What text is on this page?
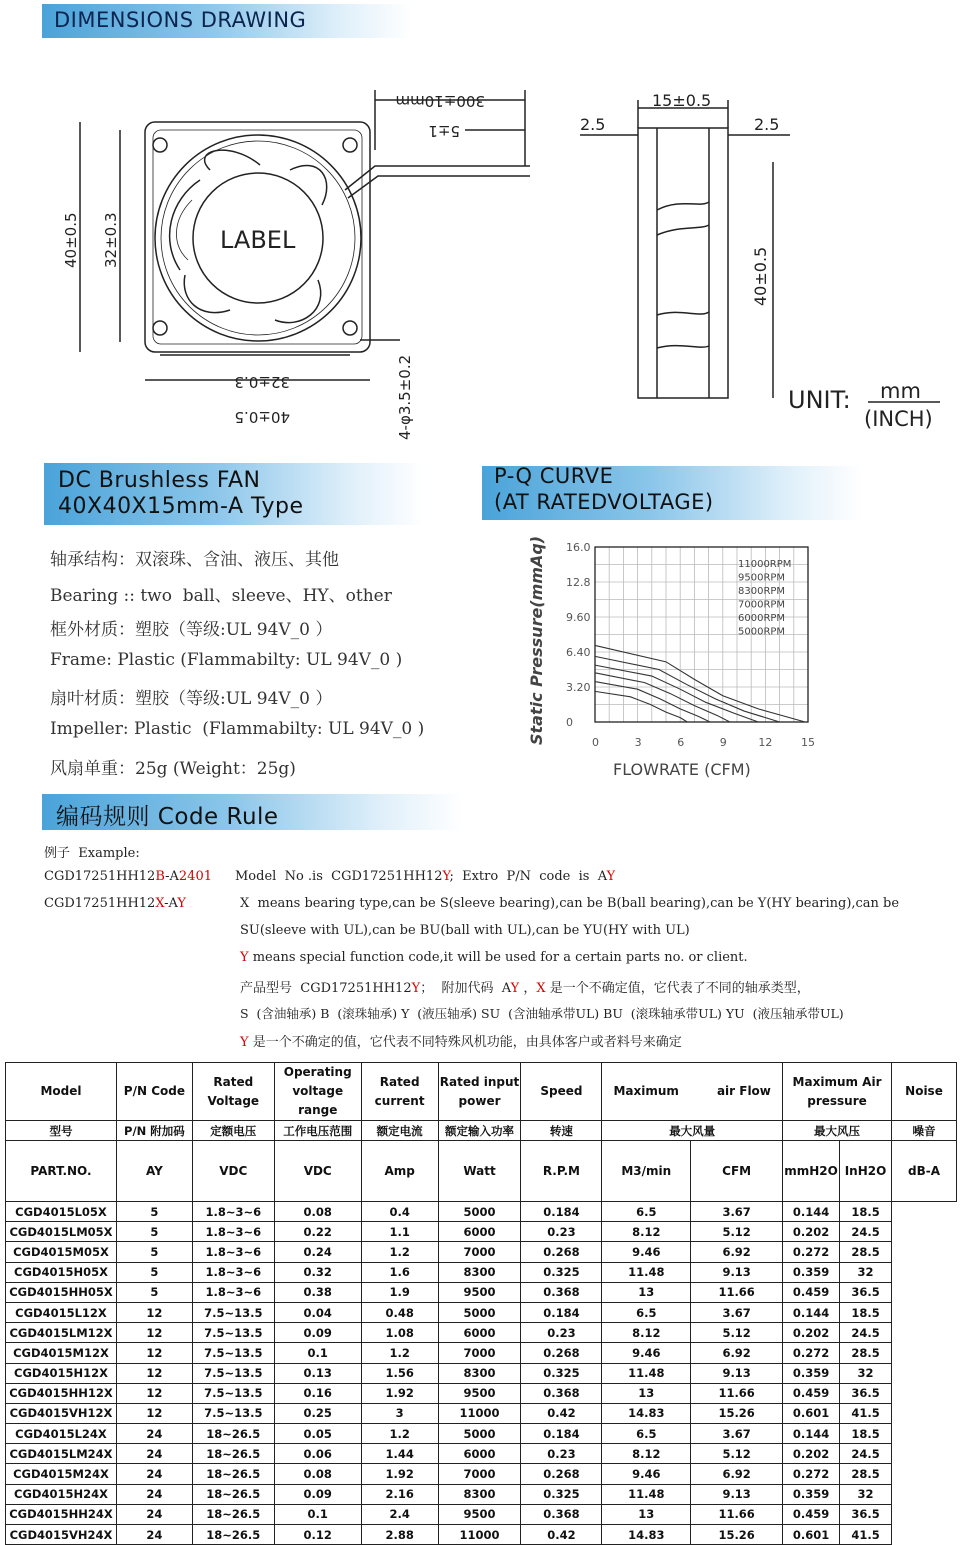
DIMENSIONS DRAWING
LABEL
40±0.5 32±0.3
32±0.3
40±0.5
300±10mm
5±1
4-φ3.5±0.2
15±0.5
2.5	2.5
40±0.5
UNIT: mm
(INCH)
DC Brushless FAN
40X40X15mm-A Type
P-Q CURVE
(AT RATEDVOLTAGE)
轴承结构：双滚珠、含油、液压、其他
Bearing :: two  ball、sleeve、HY、other
框外材质：塑胶（等级:UL 94V_0 ）
Frame: Plastic (Flammabilty: UL 94V_0 )
扇叶材质：塑胶（等级:UL 94V_0 ）
Impeller: Plastic  (Flammabilty: UL 94V_0 )
风扇单重：25g (Weight：25g)
16.0
12.8
9.60
6.40
3.20
0
0	3	6	9	12	15
11000RPM
9500RPM
8300RPM
7000RPM
6000RPM
5000RPM
Static Pressure(mmAq)
FLOWRATE (CFM)
编码规则 Code Rule
例子  Example:
CGD17251HH12B-A2401 Model  No .is  CGD17251HH12Y;  Extro  P/N  code  is  AY
CGD17251HH12X-AY	X  means bearing type,can be S(sleeve bearing),can be B(ball bearing),can be Y(HY bearing),can be
SU(sleeve with UL),can be BU(ball with UL),can be YU(HY with UL)
Y means special function code,it will be used for a certain parts no. or client.
产品型号  CGD17251HH12Y；  附加代码  AY ，X 是一个不确定值，它代表了不同的轴承类型，
S  (含油轴承) B  (滚珠轴承) Y  (液压轴承) SU  (含油轴承带UL) BU  (滚珠轴承带UL) YU  (液压轴承带UL)
Y 是一个不确定的值，它代表不同特殊风机功能，由具体客户或者料号来确定
Model	P/N Code	Rated Voltage	Operating voltage range	Rated current	Rated input power	Speed	Maximum air Flow		Maximum Air pressure		Noise
型号	P/N 附加码	定额电压	工作电压范围	额定电流	额定输入功率	转速	最大风量		最大风压		噪音
PART.NO.	AY	VDC	VDC	Amp	Watt	R.P.M	M3/min	CFM	mmH2O	InH2O	dB-A
CGD4015L05X	5	1.8~3~6	0.08	0.4	5000	0.184	6.5	3.67	0.144	18.5	
CGD4015LM05X	5	1.8~3~6	0.22	1.1	6000	0.23	8.12	5.12	0.202	24.5	
CGD4015M05X	5	1.8~3~6	0.24	1.2	7000	0.268	9.46	6.92	0.272	28.5	
CGD4015H05X	5	1.8~3~6	0.32	1.6	8300	0.325	11.48	9.13	0.359	32	
CGD4015HH05X	5	1.8~3~6	0.38	1.9	9500	0.368	13	11.66	0.459	36.5	
CGD4015L12X	12	7.5~13.5	0.04	0.48	5000	0.184	6.5	3.67	0.144	18.5	
CGD4015LM12X	12	7.5~13.5	0.09	1.08	6000	0.23	8.12	5.12	0.202	24.5	
CGD4015M12X	12	7.5~13.5	0.1	1.2	7000	0.268	9.46	6.92	0.272	28.5	
CGD4015H12X	12	7.5~13.5	0.13	1.56	8300	0.325	11.48	9.13	0.359	32	
CGD4015HH12X	12	7.5~13.5	0.16	1.92	9500	0.368	13	11.66	0.459	36.5	
CGD4015VH12X	12	7.5~13.5	0.25	3	11000	0.42	14.83	15.26	0.601	41.5	
CGD4015L24X	24	18~26.5	0.05	1.2	5000	0.184	6.5	3.67	0.144	18.5	
CGD4015LM24X	24	18~26.5	0.06	1.44	6000	0.23	8.12	5.12	0.202	24.5	
CGD4015M24X	24	18~26.5	0.08	1.92	7000	0.268	9.46	6.92	0.272	28.5	
CGD4015H24X	24	18~26.5	0.09	2.16	8300	0.325	11.48	9.13	0.359	32	
CGD4015HH24X	24	18~26.5	0.1	2.4	9500	0.368	13	11.66	0.459	36.5	
CGD4015VH24X	24	18~26.5	0.12	2.88	11000	0.42	14.83	15.26	0.601	41.5	
